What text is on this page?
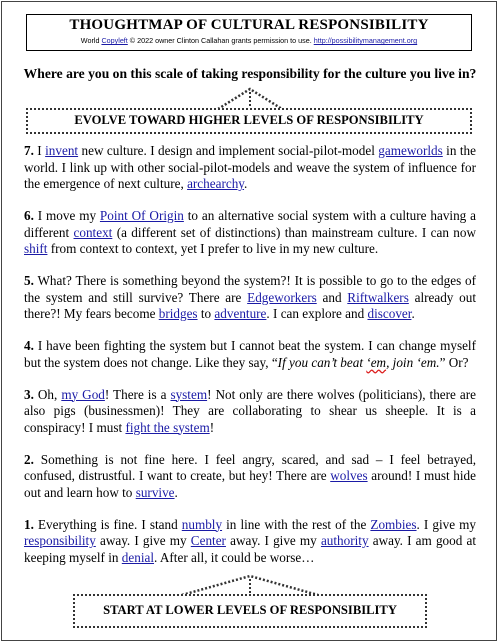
THOUGHTMAP OF CULTURAL RESPONSIBILITY
World Copyleft © 2022 owner Clinton Callahan grants permission to use. http://possibilitymanagement.org
Where are you on this scale of taking responsibility for the culture you live in?
EVOLVE TOWARD HIGHER LEVELS OF RESPONSIBILITY

7. I invent new culture. I design and implement social-pilot-model gameworlds in the world. I link up with other social-pilot-models and weave the system of influence for the emergence of next culture, archearchy.

6. I move my Point Of Origin to an alternative social system with a culture having a different context (a different set of distinctions) than mainstream culture. I can now shift from context to context, yet I prefer to live in my new culture.

5. What? There is something beyond the system?! It is possible to go to the edges of the system and still survive? There are Edgeworkers and Riftwalkers already out there?! My fears become bridges to adventure. I can explore and discover.

4. I have been fighting the system but I cannot beat the system. I can change myself but the system does not change. Like they say, “If you can’t beat ‘em, join ‘em.” Or?

3. Oh, my God! There is a system! Not only are there wolves (politicians), there are also pigs (businessmen)! They are collaborating to shear us sheeple. It is a conspiracy! I must fight the system!

2. Something is not fine here. I feel angry, scared, and sad – I feel betrayed, confused, distrustful. I want to create, but hey! There are wolves around! I must hide out and learn how to survive.

1. Everything is fine. I stand numbly in line with the rest of the Zombies. I give my responsibility away. I give my Center away. I give my authority away. I am good at keeping myself in denial. After all, it could be worse…

START AT LOWER LEVELS OF RESPONSIBILITY
